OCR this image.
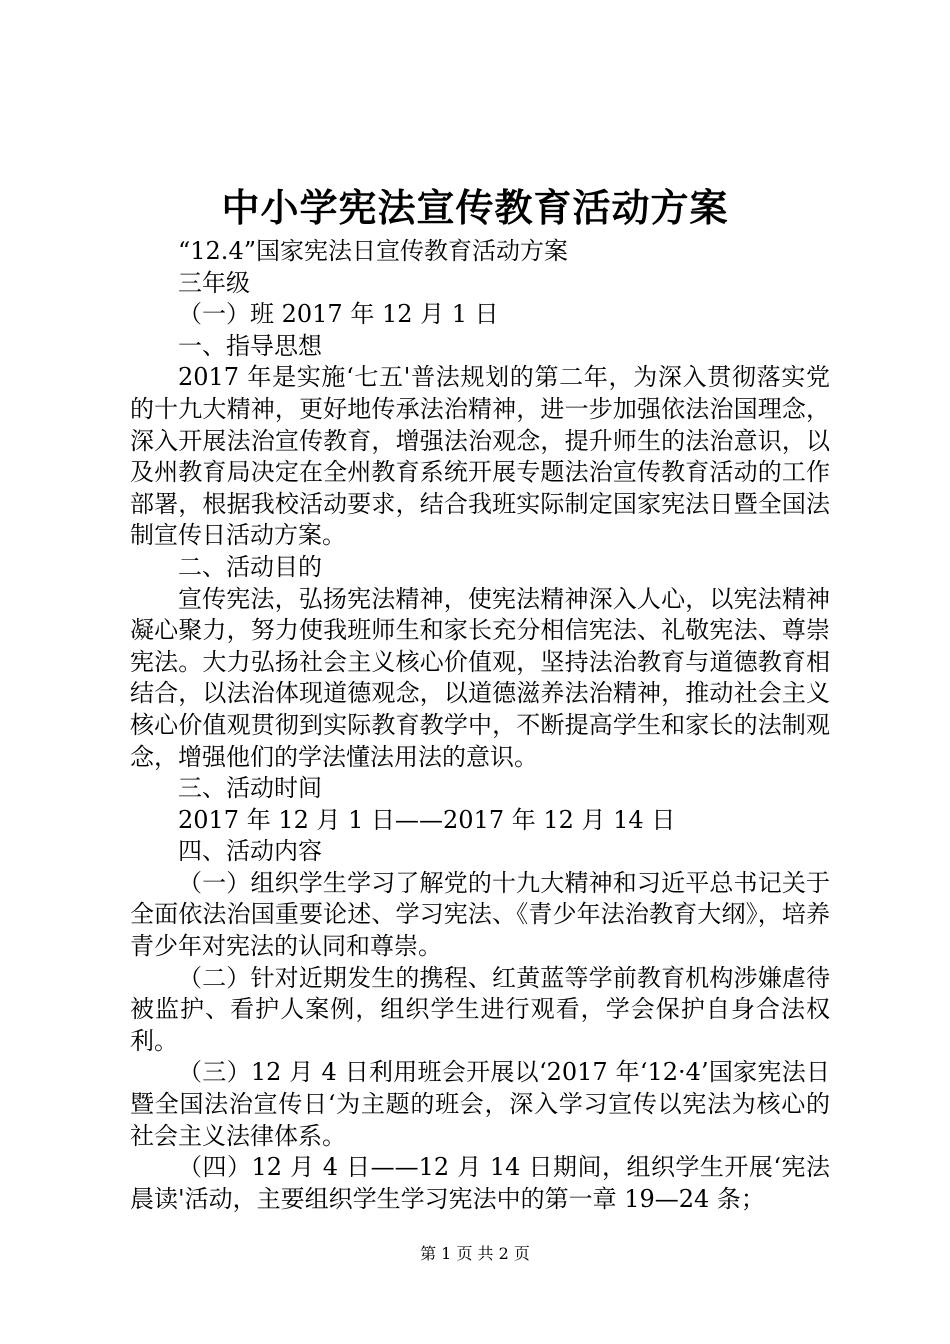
中小学宪法宣传教育活动方案

“12.4”国家宪法日宣传教育活动方案

三年级

（一）班 2017 年 12 月 1 日

一、指导思想

2017 年是实施‘七五'普法规划的第二年，为深入贯彻落实党的十九大精神，更好地传承法治精神，进一步加强依法治国理念，深入开展法治宣传教育，增强法治观念，提升师生的法治意识，以及州教育局决定在全州教育系统开展专题法治宣传教育活动的工作部署，根据我校活动要求，结合我班实际制定国家宪法日暨全国法制宣传日活动方案。

二、活动目的

宣传宪法，弘扬宪法精神，使宪法精神深入人心，以宪法精神凝心聚力，努力使我班师生和家长充分相信宪法、礼敬宪法、尊崇宪法。大力弘扬社会主义核心价值观，坚持法治教育与道德教育相结合，以法治体现道德观念，以道德滋养法治精神，推动社会主义核心价值观贯彻到实际教育教学中，不断提高学生和家长的法制观念，增强他们的学法懂法用法的意识。

三、活动时间

2017 年 12 月 1 日——2017 年 12 月 14 日

四、活动内容

（一）组织学生学习了解党的十九大精神和习近平总书记关于全面依法治国重要论述、学习宪法、《青少年法治教育大纲》，培养青少年对宪法的认同和尊崇。

（二）针对近期发生的携程、红黄蓝等学前教育机构涉嫌虐待被监护、看护人案例，组织学生进行观看，学会保护自身合法权利。

（三）12 月 4 日利用班会开展以‘2017 年‘12·4’国家宪法日暨全国法治宣传日‘为主题的班会，深入学习宣传以宪法为核心的社会主义法律体系。

（四）12 月 4 日——12 月 14 日期间，组织学生开展‘宪法晨读'活动，主要组织学生学习宪法中的第一章 19—24 条；

第 1 页 共 2 页
